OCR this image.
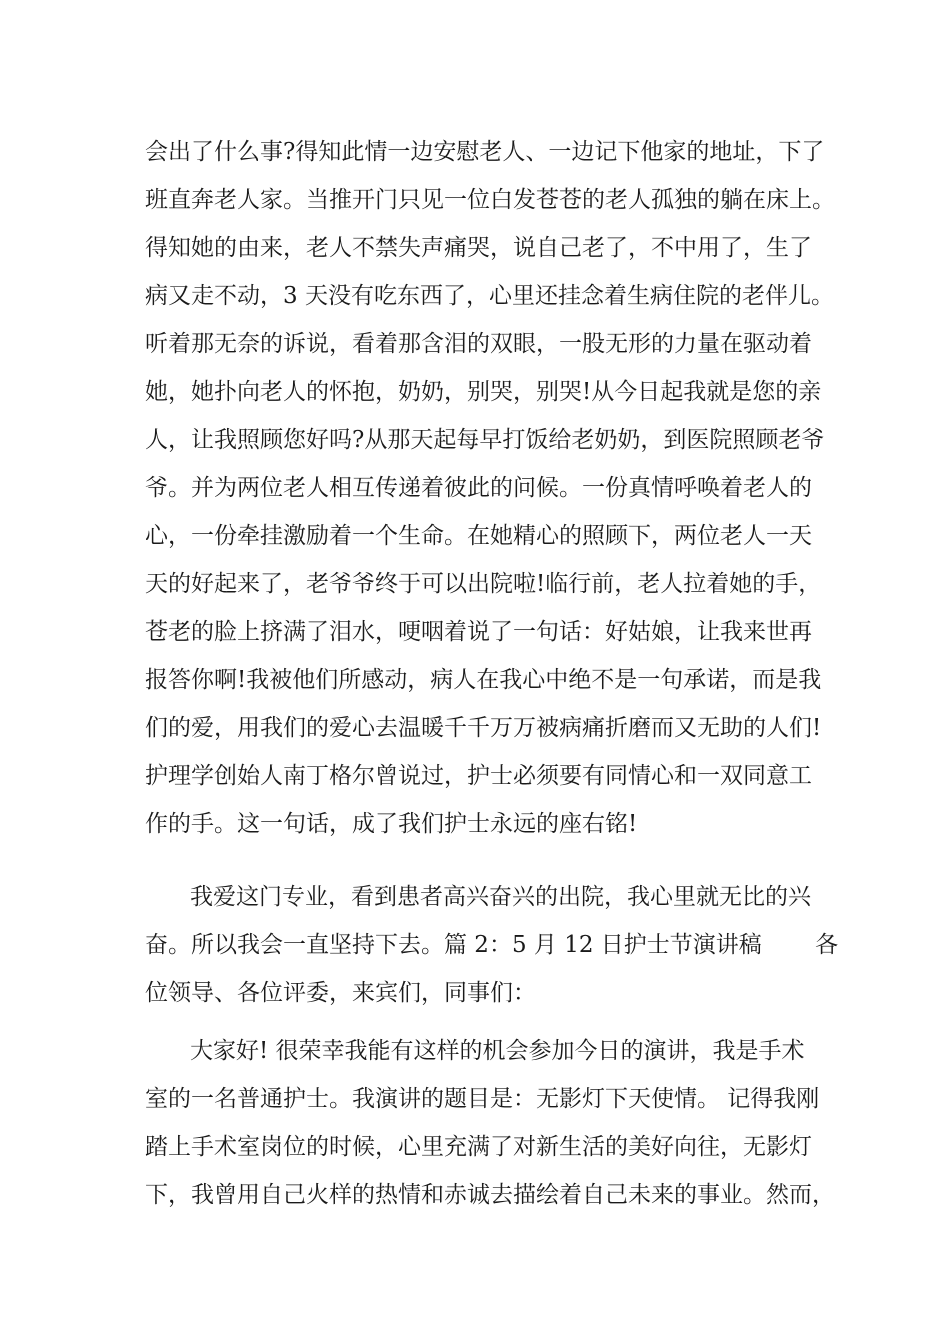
会出了什么事?得知此情一边安慰老人、一边记下他家的地址，下了

班直奔老人家。当推开门只见一位白发苍苍的老人孤独的躺在床上。

得知她的由来，老人不禁失声痛哭，说自己老了，不中用了，生了

病又走不动，3 天没有吃东西了，心里还挂念着生病住院的老伴儿。

听着那无奈的诉说，看着那含泪的双眼，一股无形的力量在驱动着

她，她扑向老人的怀抱，奶奶，别哭，别哭!从今日起我就是您的亲

人，让我照顾您好吗?从那天起每早打饭给老奶奶，到医院照顾老爷

爷。并为两位老人相互传递着彼此的问候。一份真情呼唤着老人的

心，一份牵挂激励着一个生命。在她精心的照顾下，两位老人一天

天的好起来了，老爷爷终于可以出院啦!临行前，老人拉着她的手，

苍老的脸上挤满了泪水，哽咽着说了一句话：好姑娘，让我来世再

报答你啊!我被他们所感动，病人在我心中绝不是一句承诺，而是我

们的爱，用我们的爱心去温暖千千万万被病痛折磨而又无助的人们!

护理学创始人南丁格尔曾说过，护士必须要有同情心和一双同意工

作的手。这一句话，成了我们护士永远的座右铭!

我爱这门专业，看到患者高兴奋兴的出院，我心里就无比的兴

奋。所以我会一直坚持下去。篇 2：5 月 12 日护士节演讲稿　　 各

位领导、各位评委，来宾们，同事们：

大家好! 很荣幸我能有这样的机会参加今日的演讲，我是手术

室的一名普通护士。我演讲的题目是：无影灯下天使情。 记得我刚

踏上手术室岗位的时候，心里充满了对新生活的美好向往，无影灯

下，我曾用自己火样的热情和赤诚去描绘着自己未来的事业。然而，
